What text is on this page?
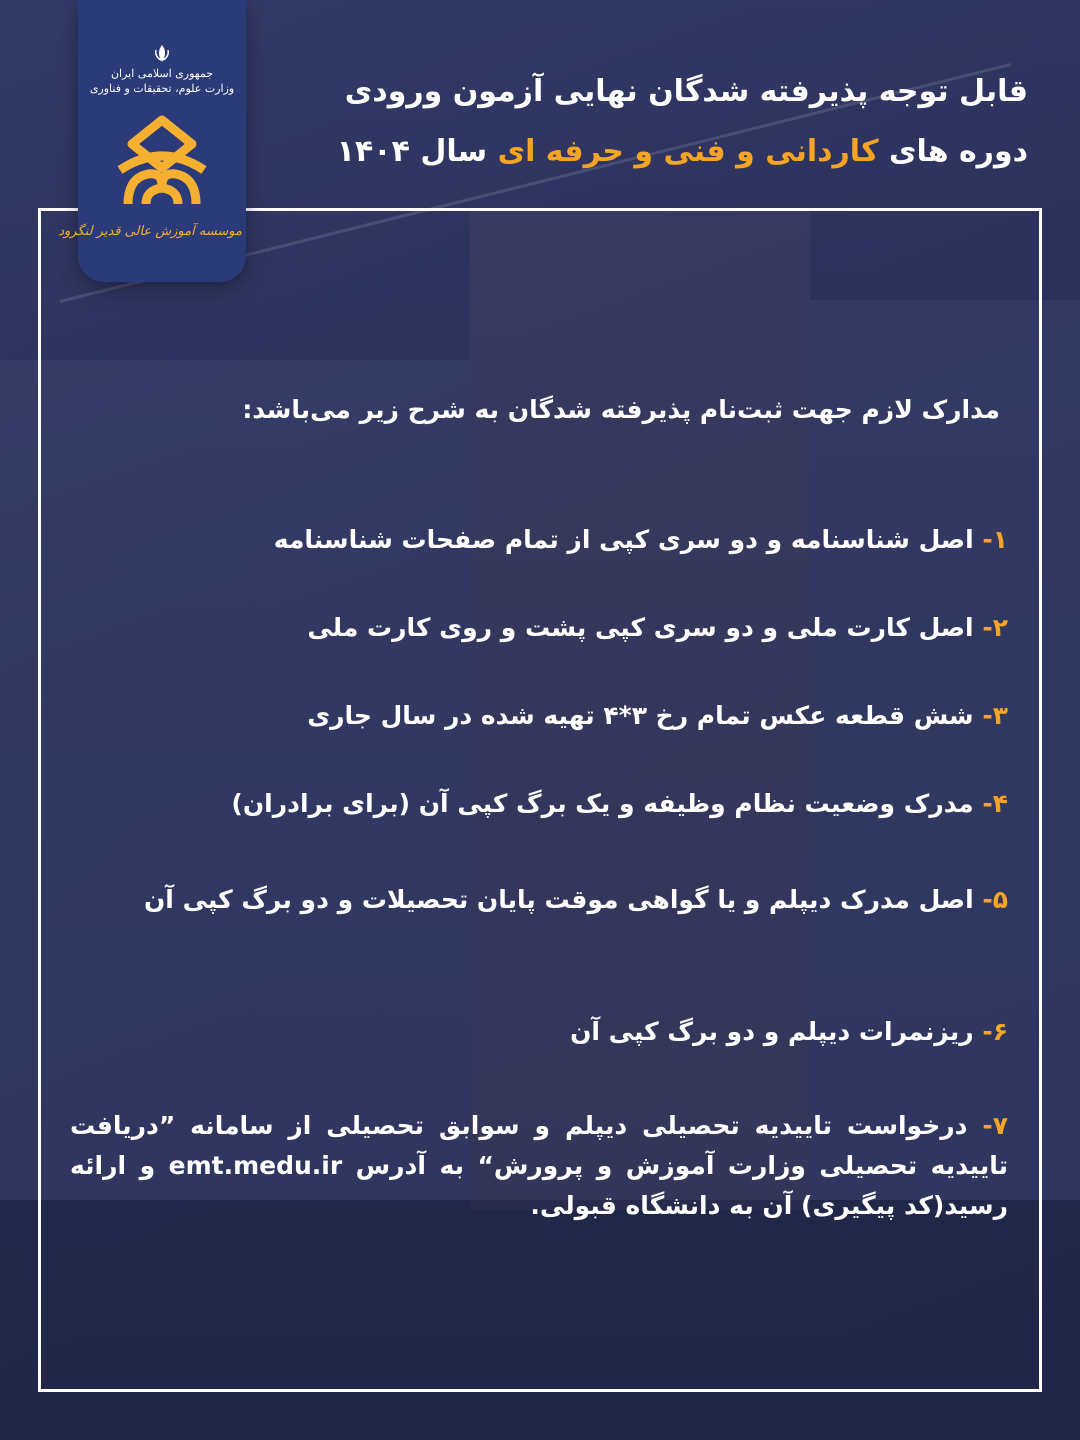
جمهوری اسلامی ایران
وزارت علوم، تحقیقات و فناوری
موسسه آموزش عالی قدیر لنگرود
قابل توجه پذیرفته شدگان نهایی آزمون ورودی
دوره های کاردانی و فنی و حرفه ای سال ۱۴۰۴
مدارک لازم جهت ثبت‌نام پذیرفته شدگان به شرح زیر می‌باشد:

۱- اصل شناسنامه و دو سری کپی از تمام صفحات شناسنامه

۲- اصل کارت ملی و دو سری کپی پشت و روی کارت ملی

۳- شش قطعه عکس تمام رخ ۳*۴ تهیه شده در سال جاری

۴- مدرک وضعیت نظام وظیفه و یک برگ کپی آن (برای برادران)

۵- اصل مدرک دیپلم و یا گواهی موقت پایان تحصیلات و دو برگ کپی آن

۶- ریزنمرات دیپلم و دو برگ کپی آن

۷- درخواست تاییدیه تحصیلی دیپلم و سوابق تحصیلی از سامانه ”دریافت تاییدیه تحصیلی وزارت آموزش و پرورش“ به آدرس emt.medu.ir و ارائه رسید(کد پیگیری) آن به دانشگاه قبولی.
